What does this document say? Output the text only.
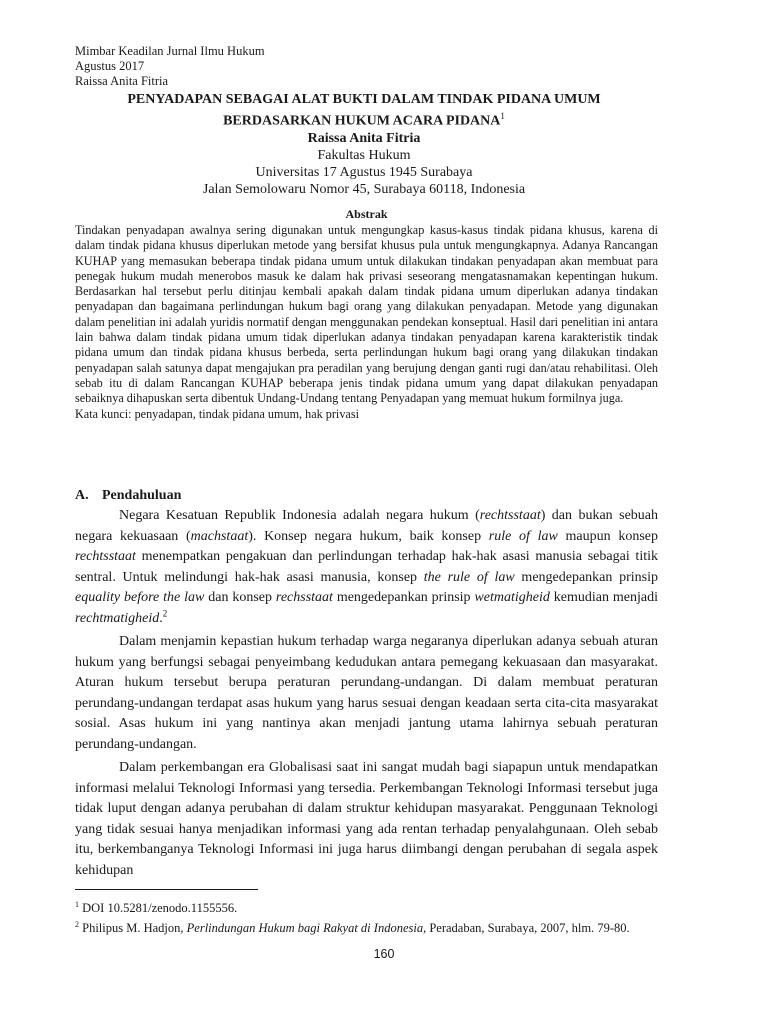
Mimbar Keadilan Jurnal Ilmu Hukum
Agustus 2017
Raissa Anita Fitria
PENYADAPAN SEBAGAI ALAT BUKTI DALAM TINDAK PIDANA UMUM
BERDASARKAN HUKUM ACARA PIDANA$^1$
Raissa Anita Fitria
Fakultas Hukum
Universitas 17 Agustus 1945 Surabaya
Jalan Semolowaru Nomor 45, Surabaya 60118, Indonesia
Abstrak

Tindakan penyadapan awalnya sering digunakan untuk mengungkap kasus-kasus tindak pidana khusus, karena di dalam tindak pidana khusus diperlukan metode yang bersifat khusus pula untuk mengungkapnya. Adanya Rancangan KUHAP yang memasukan beberapa tindak pidana umum untuk dilakukan tindakan penyadapan akan membuat para penegak hukum mudah menerobos masuk ke dalam hak privasi seseorang mengatasnamakan kepentingan hukum. Berdasarkan hal tersebut perlu ditinjau kembali apakah dalam tindak pidana umum diperlukan adanya tindakan penyadapan dan bagaimana perlindungan hukum bagi orang yang dilakukan penyadapan. Metode yang digunakan dalam penelitian ini adalah yuridis normatif dengan menggunakan pendekan konseptual. Hasil dari penelitian ini antara lain bahwa dalam tindak pidana umum tidak diperlukan adanya tindakan penyadapan karena karakteristik tindak pidana umum dan tindak pidana khusus berbeda, serta perlindungan hukum bagi orang yang dilakukan tindakan penyadapan salah satunya dapat mengajukan pra peradilan yang berujung dengan ganti rugi dan/atau rehabilitasi. Oleh sebab itu di dalam Rancangan KUHAP beberapa jenis tindak pidana umum yang dapat dilakukan penyadapan sebaiknya dihapuskan serta dibentuk Undang-Undang tentang Penyadapan yang memuat hukum formilnya juga.

Kata kunci: penyadapan, tindak pidana umum, hak privasi

A. Pendahuluan

Negara Kesatuan Republik Indonesia adalah negara hukum (rechtsstaat) dan bukan sebuah negara kekuasaan (machstaat). Konsep negara hukum, baik konsep rule of law maupun konsep rechtsstaat menempatkan pengakuan dan perlindungan terhadap hak-hak asasi manusia sebagai titik sentral. Untuk melindungi hak-hak asasi manusia, konsep the rule of law mengedepankan prinsip equality before the law dan konsep rechsstaat mengedepankan prinsip wetmatigheid kemudian menjadi rechtmatigheid.$^2$

Dalam menjamin kepastian hukum terhadap warga negaranya diperlukan adanya sebuah aturan hukum yang berfungsi sebagai penyeimbang kedudukan antara pemegang kekuasaan dan masyarakat. Aturan hukum tersebut berupa peraturan perundang-undangan. Di dalam membuat peraturan perundang-undangan terdapat asas hukum yang harus sesuai dengan keadaan serta cita-cita masyarakat sosial. Asas hukum ini yang nantinya akan menjadi jantung utama lahirnya sebuah peraturan perundang-undangan.

Dalam perkembangan era Globalisasi saat ini sangat mudah bagi siapapun untuk mendapatkan informasi melalui Teknologi Informasi yang tersedia. Perkembangan Teknologi Informasi tersebut juga tidak luput dengan adanya perubahan di dalam struktur kehidupan masyarakat. Penggunaan Teknologi yang tidak sesuai hanya menjadikan informasi yang ada rentan terhadap penyalahgunaan. Oleh sebab itu, berkembanganya Teknologi Informasi ini juga harus diimbangi dengan perubahan di segala aspek kehidupan

$^1$ DOI 10.5281/zenodo.1155556.
$^2$ Philipus M. Hadjon, Perlindungan Hukum bagi Rakyat di Indonesia, Peradaban, Surabaya, 2007, hlm. 79-80.
160
